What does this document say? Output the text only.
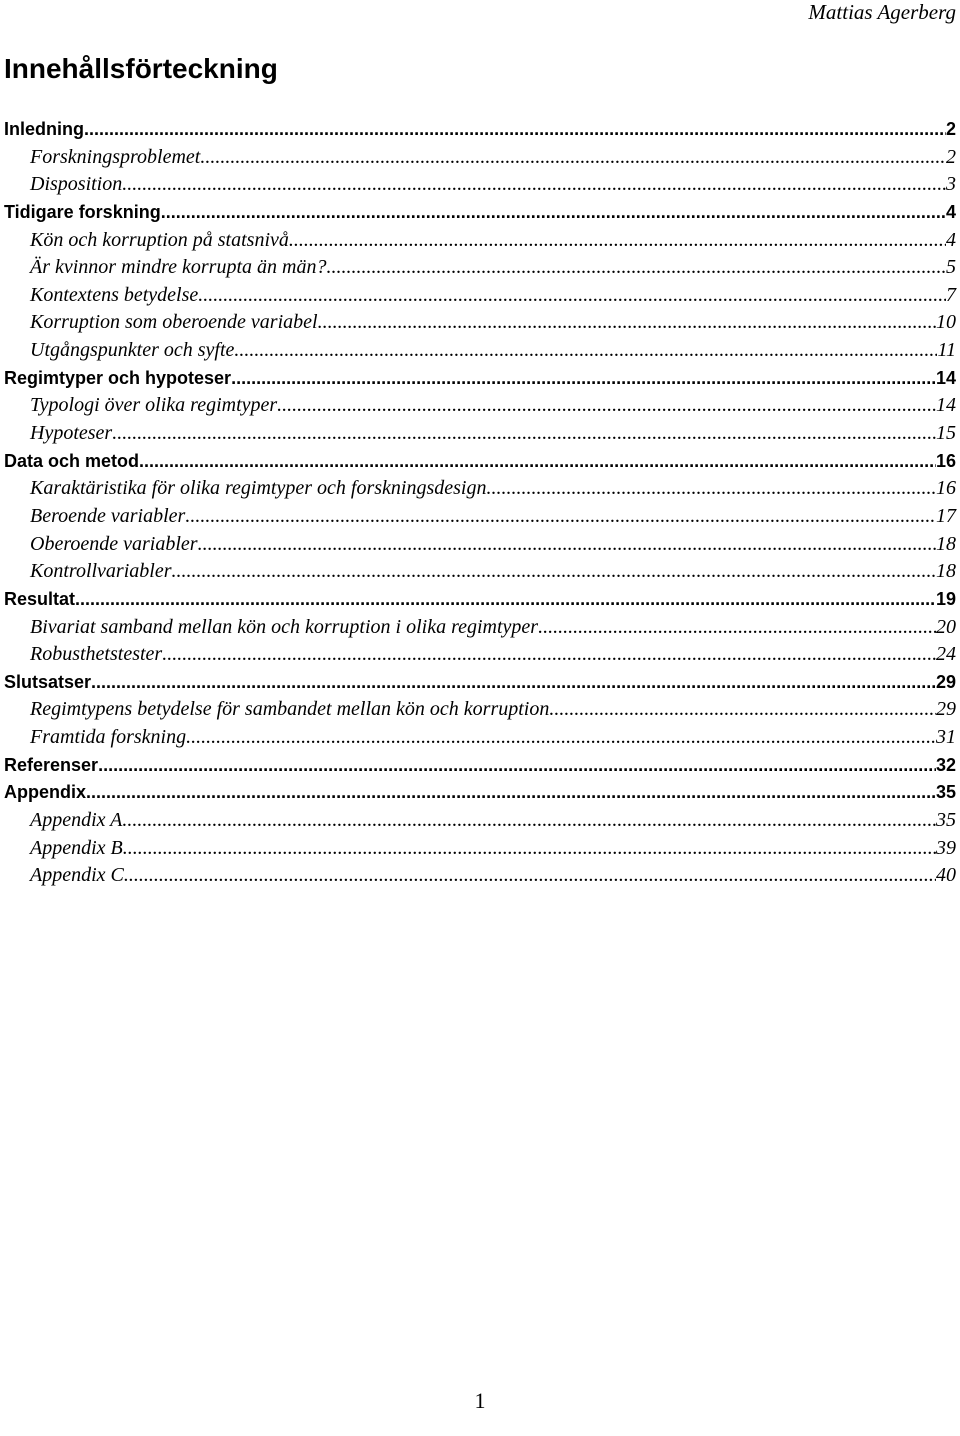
Mattias Agerberg
Innehållsförteckning
Inledning .....	2
Forskningsproblemet .....	2
Disposition .....	3
Tidigare forskning .....	4
Kön och korruption på statsnivå .....	4
Är kvinnor mindre korrupta än män? .....	5
Kontextens betydelse .....	7
Korruption som oberoende variabel .....	10
Utgångspunkter och syfte .....	11
Regimtyper och hypoteser .....	14
Typologi över olika regimtyper .....	14
Hypoteser .....	15
Data och metod .....	16
Karaktäristika för olika regimtyper och forskningsdesign .....	16
Beroende variabler .....	17
Oberoende variabler .....	18
Kontrollvariabler .....	18
Resultat .....	19
Bivariat samband mellan kön och korruption i olika regimtyper .....	20
Robusthetstester .....	24
Slutsatser .....	29
Regimtypens betydelse för sambandet mellan kön och korruption .....	29
Framtida forskning .....	31
Referenser .....	32
Appendix .....	35
Appendix A .....	35
Appendix B .....	39
Appendix C .....	40
1
